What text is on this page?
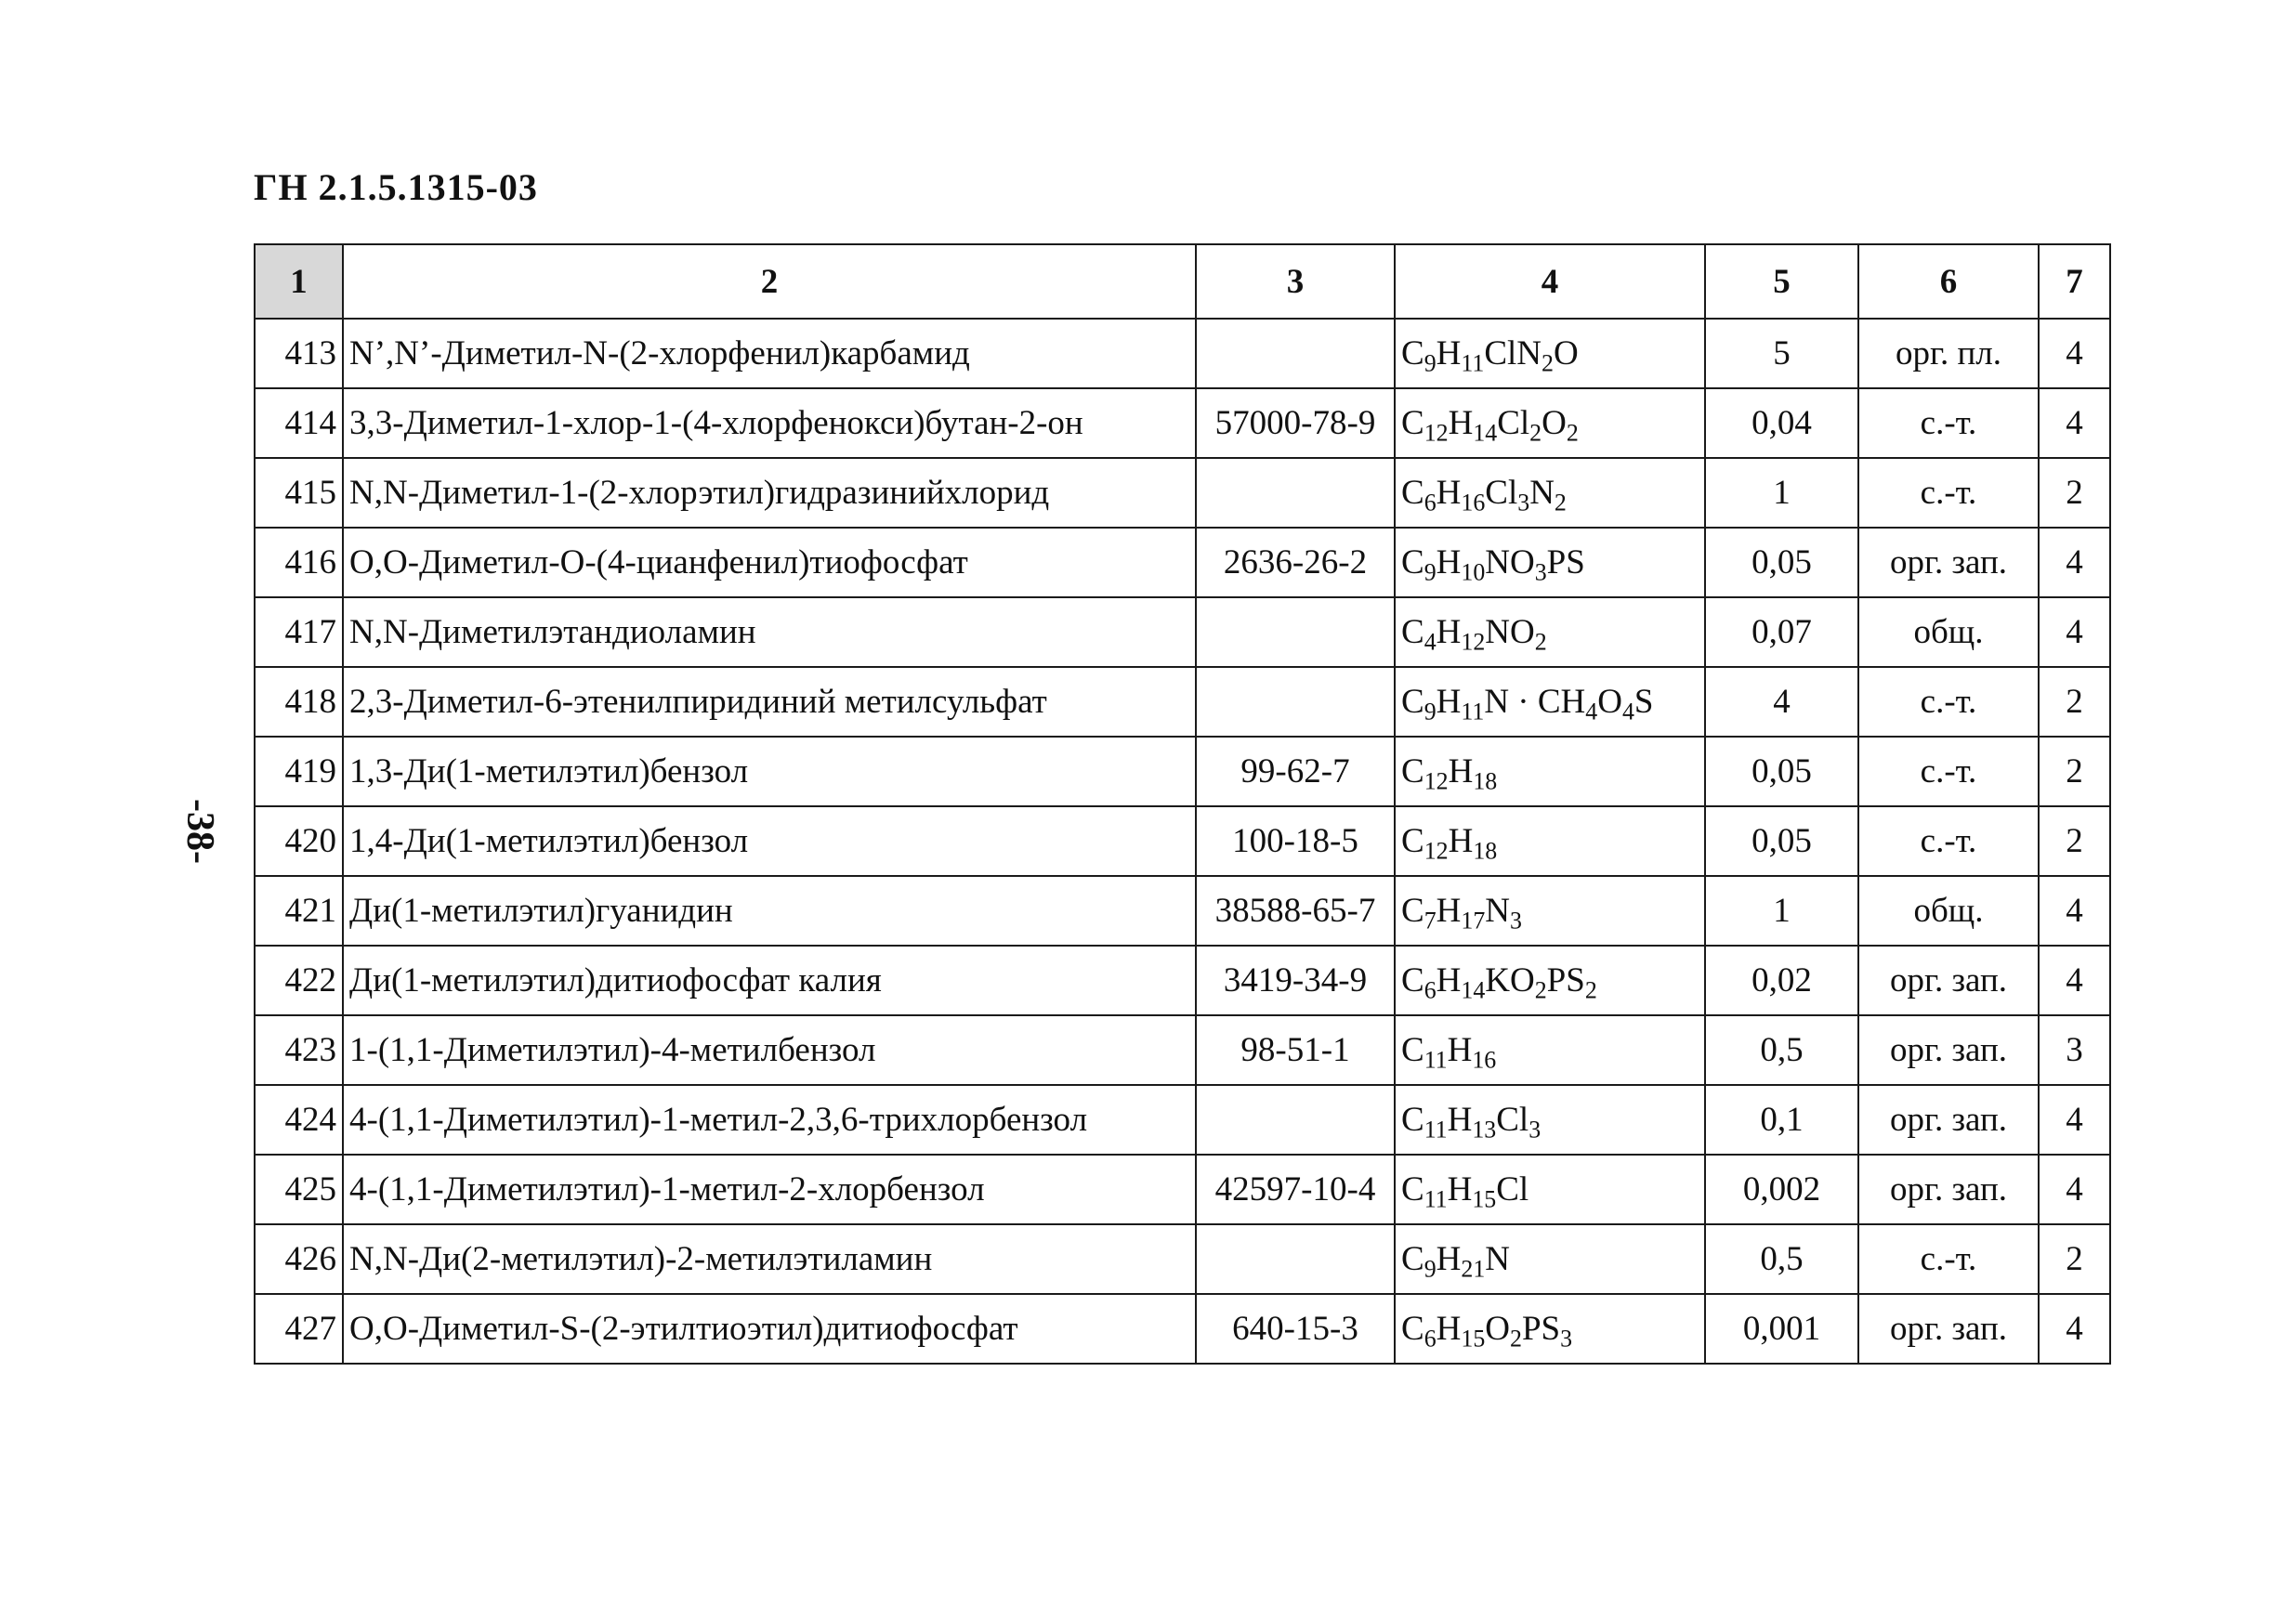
ГН 2.1.5.1315-03
-38-
1	2	3	4	5	6	7
413	N’,N’-Диметил-N-(2-хлорфенил)карбамид		$C_9H_{11}ClN_2O$	5	орг. пл.	4
414	3,3-Диметил-1-хлор-1-(4-хлорфенокси)бутан-2-он	57000-78-9	$C_{12}H_{14}Cl_2O_2$	0,04	с.-т.	4
415	N,N-Диметил-1-(2-хлорэтил)гидразинийхлорид		$C_6H_{16}Cl_3N_2$	1	с.-т.	2
416	О,О-Диметил-О-(4-цианфенил)тиофосфат	2636-26-2	$C_9H_{10}NO_3PS$	0,05	орг. зап.	4
417	N,N-Диметилэтандиоламин		$C_4H_{12}NO_2$	0,07	общ.	4
418	2,3-Диметил-6-этенилпиридиний метилсульфат		$C_9H_{11}N \cdot CH_4O_4S$	4	с.-т.	2
419	1,3-Ди(1-метилэтил)бензол	99-62-7	$C_{12}H_{18}$	0,05	с.-т.	2
420	1,4-Ди(1-метилэтил)бензол	100-18-5	$C_{12}H_{18}$	0,05	с.-т.	2
421	Ди(1-метилэтил)гуанидин	38588-65-7	$C_7H_{17}N_3$	1	общ.	4
422	Ди(1-метилэтил)дитиофосфат калия	3419-34-9	$C_6H_{14}KO_2PS_2$	0,02	орг. зап.	4
423	1-(1,1-Диметилэтил)-4-метилбензол	98-51-1	$C_{11}H_{16}$	0,5	орг. зап.	3
424	4-(1,1-Диметилэтил)-1-метил-2,3,6-трихлорбензол		$C_{11}H_{13}Cl_3$	0,1	орг. зап.	4
425	4-(1,1-Диметилэтил)-1-метил-2-хлорбензол	42597-10-4	$C_{11}H_{15}Cl$	0,002	орг. зап.	4
426	N,N-Ди(2-метилэтил)-2-метилэтиламин		$C_9H_{21}N$	0,5	с.-т.	2
427	О,О-Диметил-S-(2-этилтиоэтил)дитиофосфат	640-15-3	$C_6H_{15}O_2PS_3$	0,001	орг. зап.	4
